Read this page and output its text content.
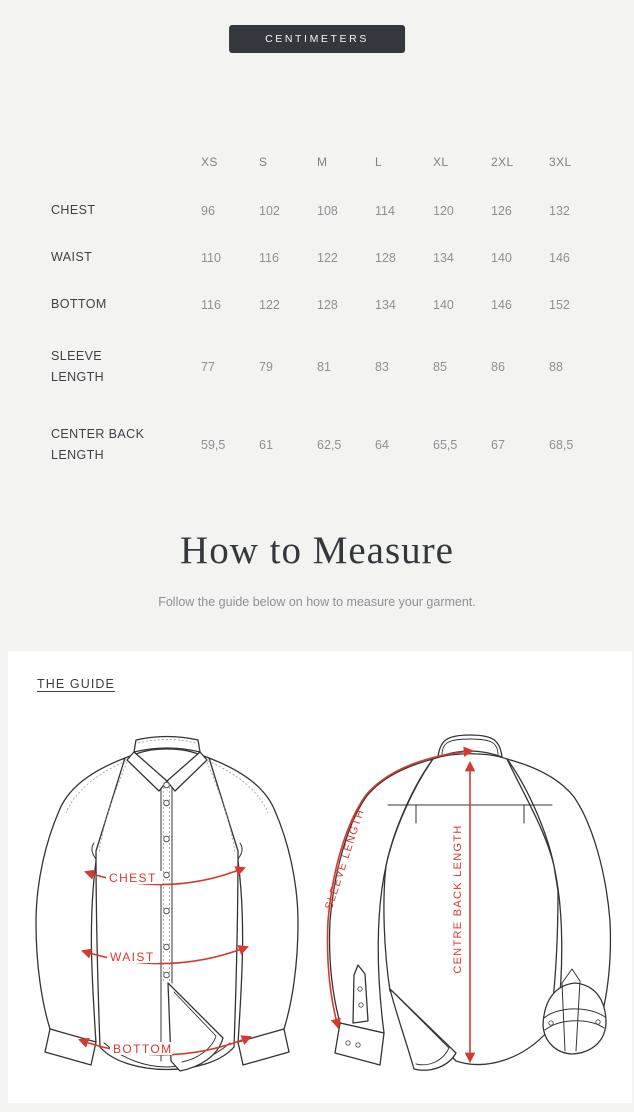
CENTIMETERS
	XS	S	M	L	XL	2XL	3XL
CHEST	96	102	108	114	120	126	132
WAIST	110	116	122	128	134	140	146
BOTTOM	116	122	128	134	140	146	152
SLEEVE LENGTH	77	79	81	83	85	86	88
CENTER BACK LENGTH	59,5	61	62,5	64	65,5	67	68,5
How to Measure

Follow the guide below on how to measure your garment.

THE GUIDE
CHEST
WAIST
BOTTOM
SLEEVE LENGTH	CENTRE BACK LENGTH
